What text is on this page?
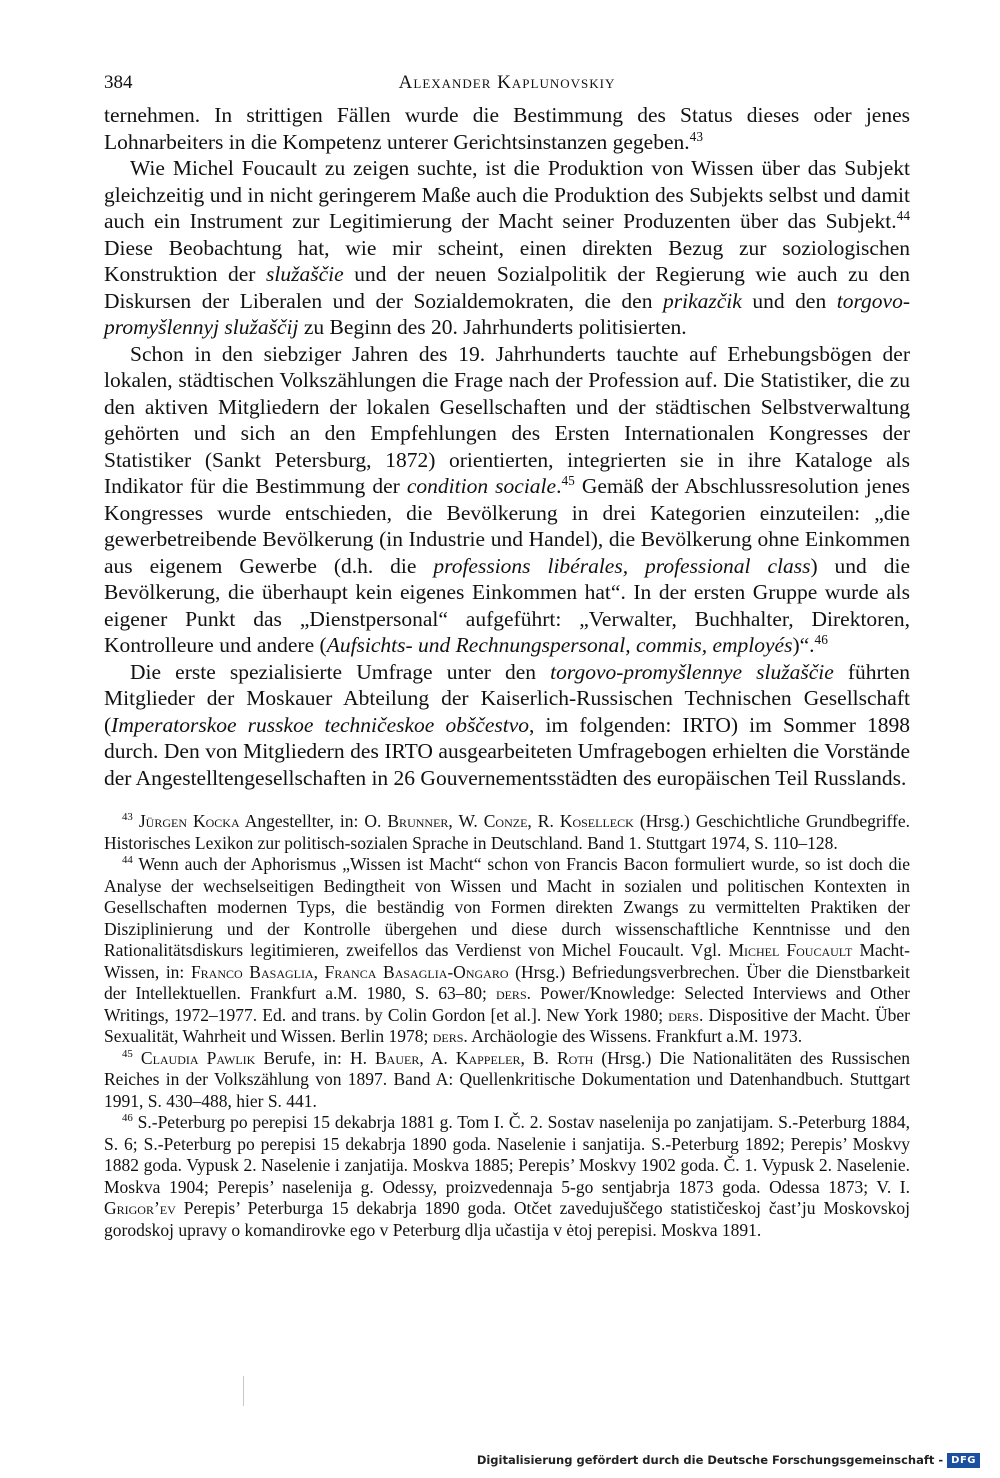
384	Alexander Kaplunovskiy

ternehmen. In strittigen Fällen wurde die Bestimmung des Status dieses oder jenes Lohnarbeiters in die Kompetenz unterer Gerichtsinstanzen gegeben.$^{43}$

Wie Michel Foucault zu zeigen suchte, ist die Produktion von Wissen über das Subjekt gleichzeitig und in nicht geringerem Maße auch die Produktion des Subjekts selbst und damit auch ein Instrument zur Legitimierung der Macht seiner Produzenten über das Subjekt.$^{44}$ Diese Beobachtung hat, wie mir scheint, einen direkten Bezug zur soziologischen Konstruktion der služaščie und der neuen Sozialpolitik der Regierung wie auch zu den Diskursen der Liberalen und der Sozialdemokraten, die den prikazčik und den torgovo-promyšlennyj služaščij zu Beginn des 20. Jahrhunderts politisierten.

Schon in den siebziger Jahren des 19. Jahrhunderts tauchte auf Erhebungsbögen der lokalen, städtischen Volkszählungen die Frage nach der Profession auf. Die Statistiker, die zu den aktiven Mitgliedern der lokalen Gesellschaften und der städtischen Selbstverwaltung gehörten und sich an den Empfehlungen des Ersten Internationalen Kongresses der Statistiker (Sankt Petersburg, 1872) orientierten, integrierten sie in ihre Kataloge als Indikator für die Bestimmung der condition sociale.$^{45}$ Gemäß der Abschlussresolution jenes Kongresses wurde entschieden, die Bevölkerung in drei Kategorien einzuteilen: „die gewerbetreibende Bevölkerung (in Industrie und Handel), die Bevölkerung ohne Einkommen aus eigenem Gewerbe (d.h. die professions libérales, professional class) und die Bevölkerung, die überhaupt kein eigenes Einkommen hat“. In der ersten Gruppe wurde als eigener Punkt das „Dienstpersonal“ aufgeführt: „Verwalter, Buchhalter, Direktoren, Kontrolleure und andere (Aufsichts- und Rechnungspersonal, commis, employés)“.$^{46}$

Die erste spezialisierte Umfrage unter den torgovo-promyšlennye služaščie führten Mitglieder der Moskauer Abteilung der Kaiserlich-Russischen Technischen Gesellschaft (Imperatorskoe russkoe techničeskoe obščestvo, im folgenden: IRTO) im Sommer 1898 durch. Den von Mitgliedern des IRTO ausgearbeiteten Umfragebogen erhielten die Vorstände der Angestelltengesellschaften in 26 Gouvernementsstädten des europäischen Teil Russlands.

$^{43}$ Jürgen Kocka Angestellter, in: O. Brunner, W. Conze, R. Koselleck (Hrsg.) Geschichtliche Grundbegriffe. Historisches Lexikon zur politisch-sozialen Sprache in Deutschland. Band 1. Stuttgart 1974, S. 110–128.

$^{44}$ Wenn auch der Aphorismus „Wissen ist Macht“ schon von Francis Bacon formuliert wurde, so ist doch die Analyse der wechselseitigen Bedingtheit von Wissen und Macht in sozialen und politischen Kontexten in Gesellschaften modernen Typs, die beständig von Formen direkten Zwangs zu vermittelten Praktiken der Disziplinierung und der Kontrolle übergehen und diese durch wissenschaftliche Kenntnisse und den Rationalitätsdiskurs legitimieren, zweifellos das Verdienst von Michel Foucault. Vgl. Michel Foucault Macht-Wissen, in: Franco Basaglia, Franca Basaglia-Ongaro (Hrsg.) Befriedungsverbrechen. Über die Dienstbarkeit der Intellektuellen. Frankfurt a.M. 1980, S. 63–80; ders. Power/Knowledge: Selected Interviews and Other Writings, 1972–1977. Ed. and trans. by Colin Gordon [et al.]. New York 1980; ders. Dispositive der Macht. Über Sexualität, Wahrheit und Wissen. Berlin 1978; ders. Archäologie des Wissens. Frankfurt a.M. 1973.

$^{45}$ Claudia Pawlik Berufe, in: H. Bauer, A. Kappeler, B. Roth (Hrsg.) Die Nationalitäten des Russischen Reiches in der Volkszählung von 1897. Band A: Quellenkritische Dokumentation und Datenhandbuch. Stuttgart 1991, S. 430–488, hier S. 441.

$^{46}$ S.-Peterburg po perepisi 15 dekabrja 1881 g. Tom I. Č. 2. Sostav naselenija po zanjatijam. S.-Peterburg 1884, S. 6; S.-Peterburg po perepisi 15 dekabrja 1890 goda. Naselenie i sanjatija. S.-Peterburg 1892; Perepis’ Moskvy 1882 goda. Vypusk 2. Naselenie i zanjatija. Moskva 1885; Perepis’ Moskvy 1902 goda. Č. 1. Vypusk 2. Naselenie. Moskva 1904; Perepis’ naselenija g. Odessy, proizvedennaja 5-go sentjabrja 1873 goda. Odessa 1873; V. I. Grigor’ev Perepis’ Peterburga 15 dekabrja 1890 goda. Otčet zavedujuščego statističeskoj čast’ju Moskovskoj gorodskoj upravy o komandirovke ego v Peterburg dlja učastija v ėtoj perepisi. Moskva 1891.

Digitalisierung gefördert durch die Deutsche Forschungsgemeinschaft - DFG
